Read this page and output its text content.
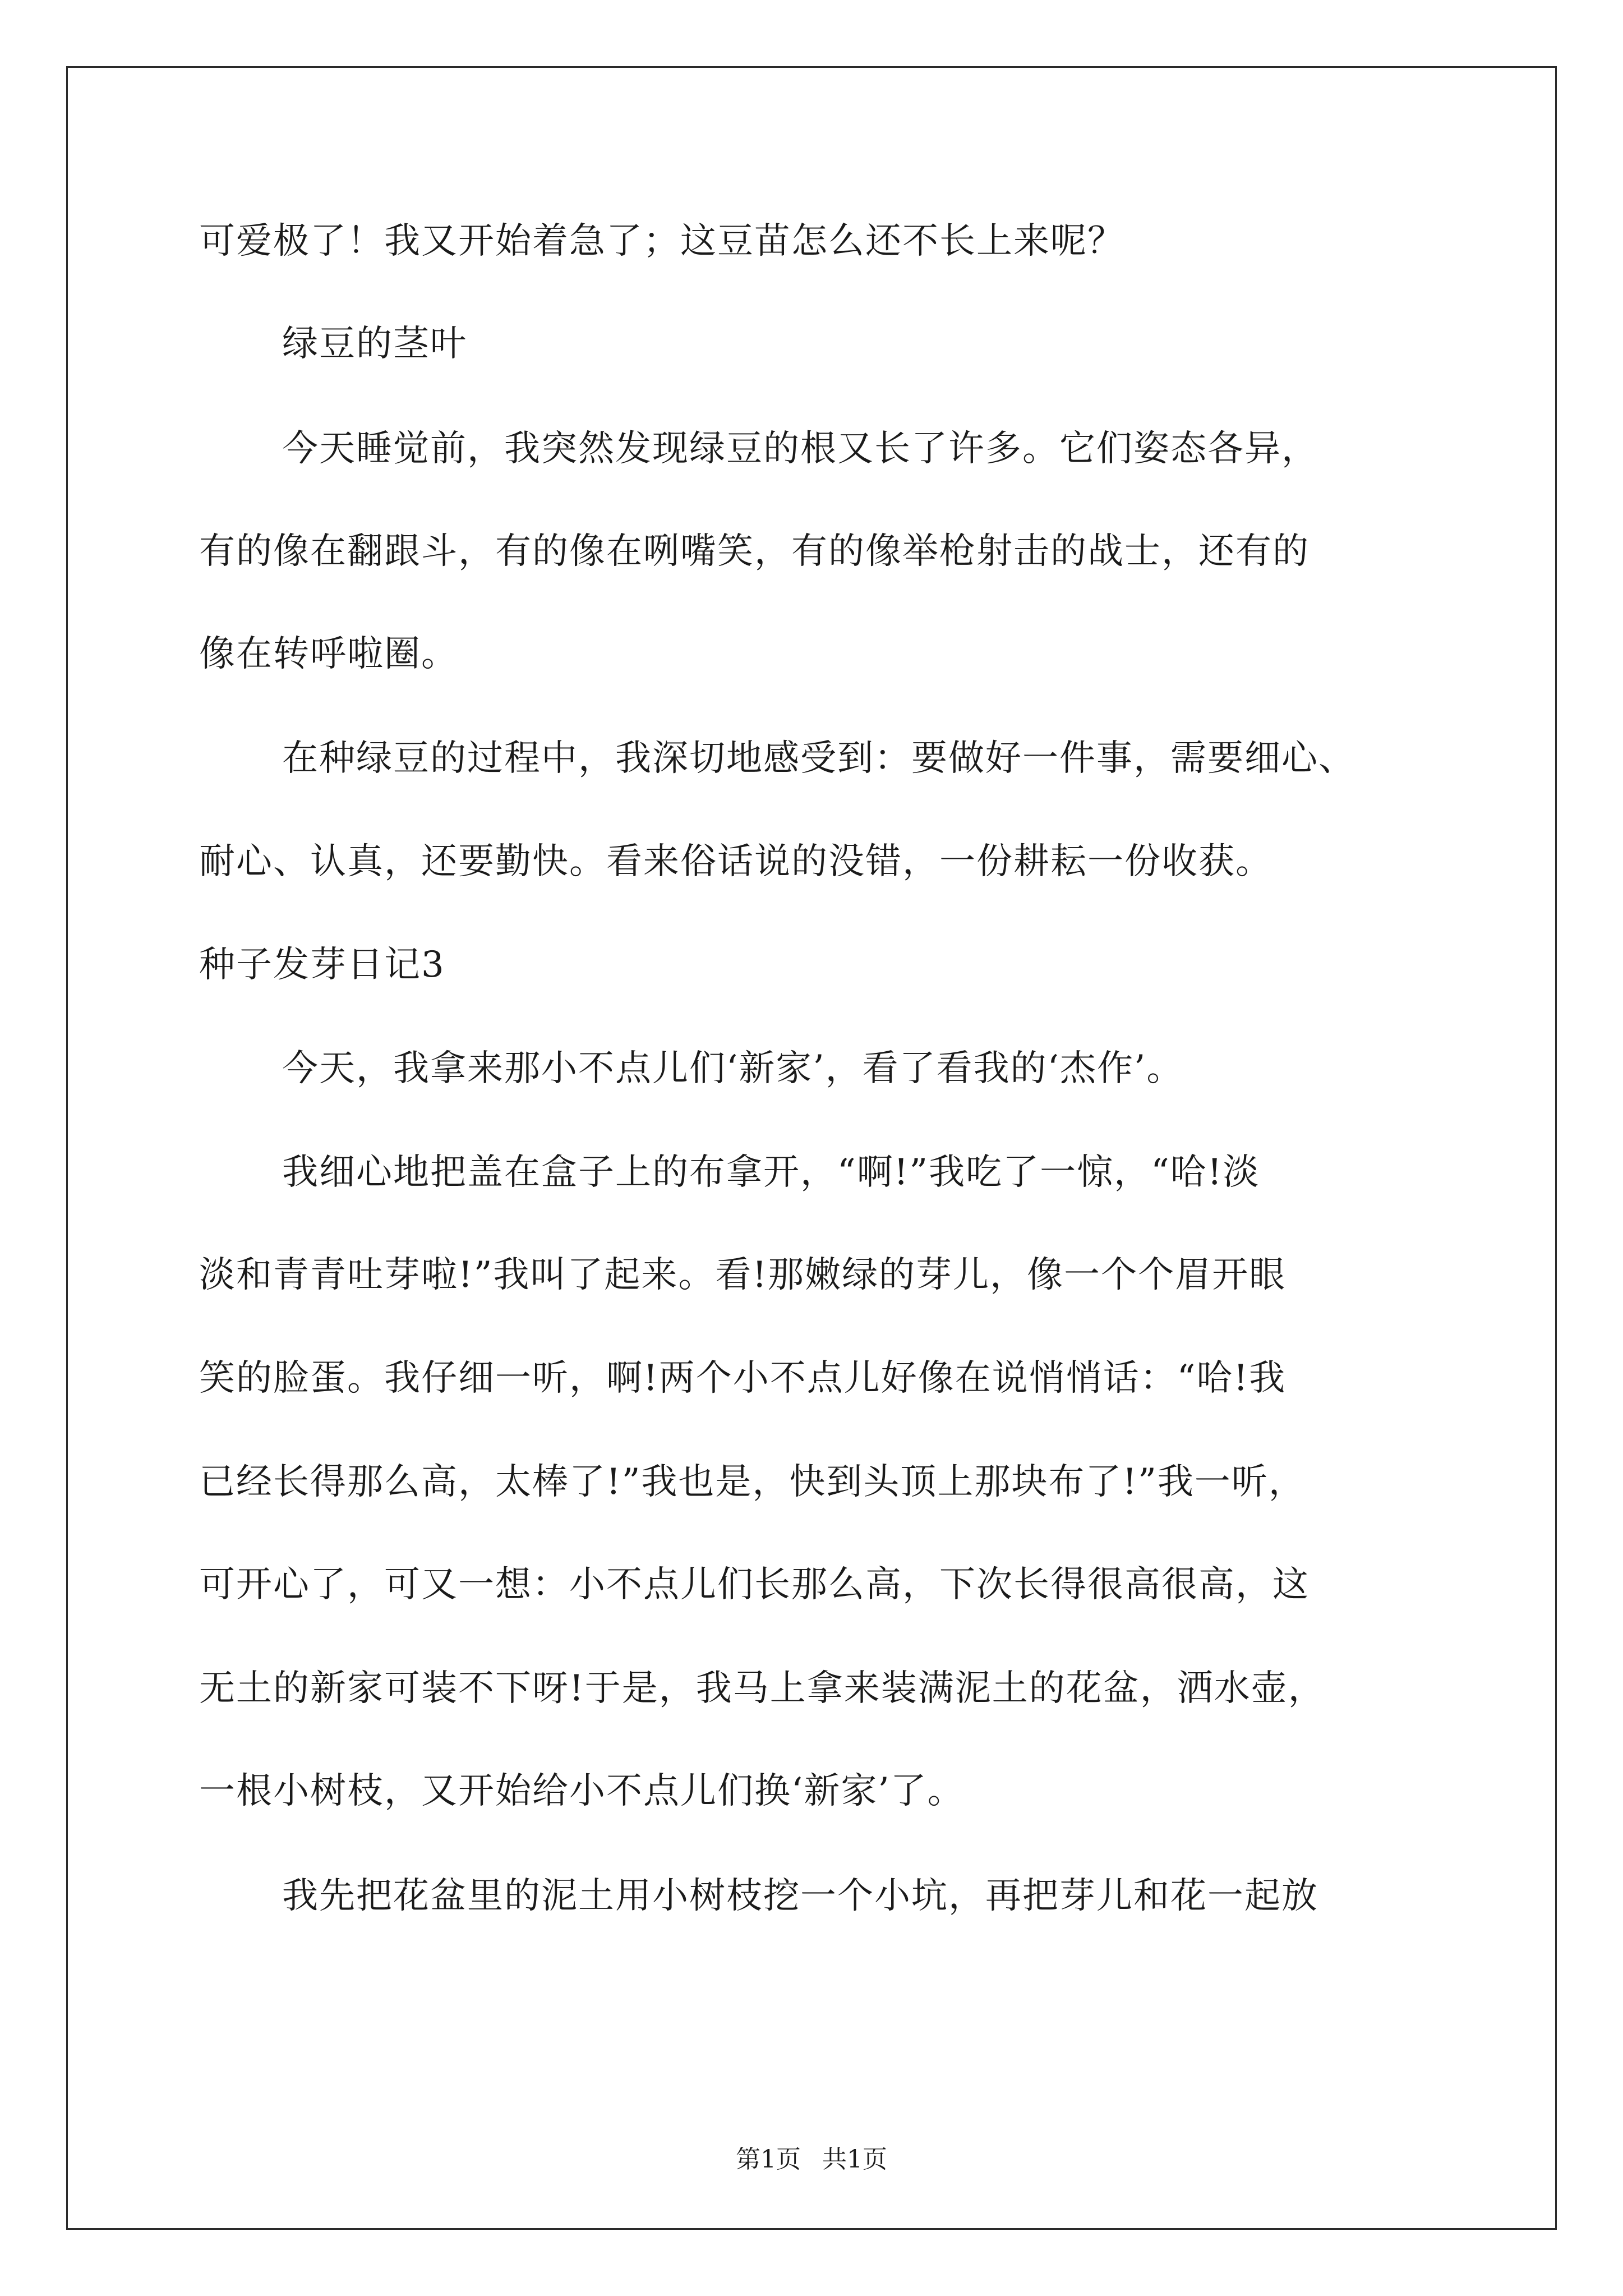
可爱极了！我又开始着急了；这豆苗怎么还不长上来呢？
绿豆的茎叶
今天睡觉前，我突然发现绿豆的根又长了许多。它们姿态各异，
有的像在翻跟斗，有的像在咧嘴笑，有的像举枪射击的战士，还有的
像在转呼啦圈。
在种绿豆的过程中，我深切地感受到：要做好一件事，需要细心、
耐心、认真，还要勤快。看来俗话说的没错，一份耕耘一份收获。
种子发芽日记3
今天，我拿来那小不点儿们‘新家’，看了看我的‘杰作’。
我细心地把盖在盒子上的布拿开，“啊!”我吃了一惊，“哈!淡
淡和青青吐芽啦!”我叫了起来。看!那嫩绿的芽儿，像一个个眉开眼
笑的脸蛋。我仔细一听，啊!两个小不点儿好像在说悄悄话：“哈!我
已经长得那么高，太棒了!”我也是，快到头顶上那块布了!”我一听，
可开心了，可又一想：小不点儿们长那么高，下次长得很高很高，这
无土的新家可装不下呀!于是，我马上拿来装满泥土的花盆，洒水壶，
一根小树枝，又开始给小不点儿们换‘新家’了。
我先把花盆里的泥土用小树枝挖一个小坑，再把芽儿和花一起放
第1页 共1页
